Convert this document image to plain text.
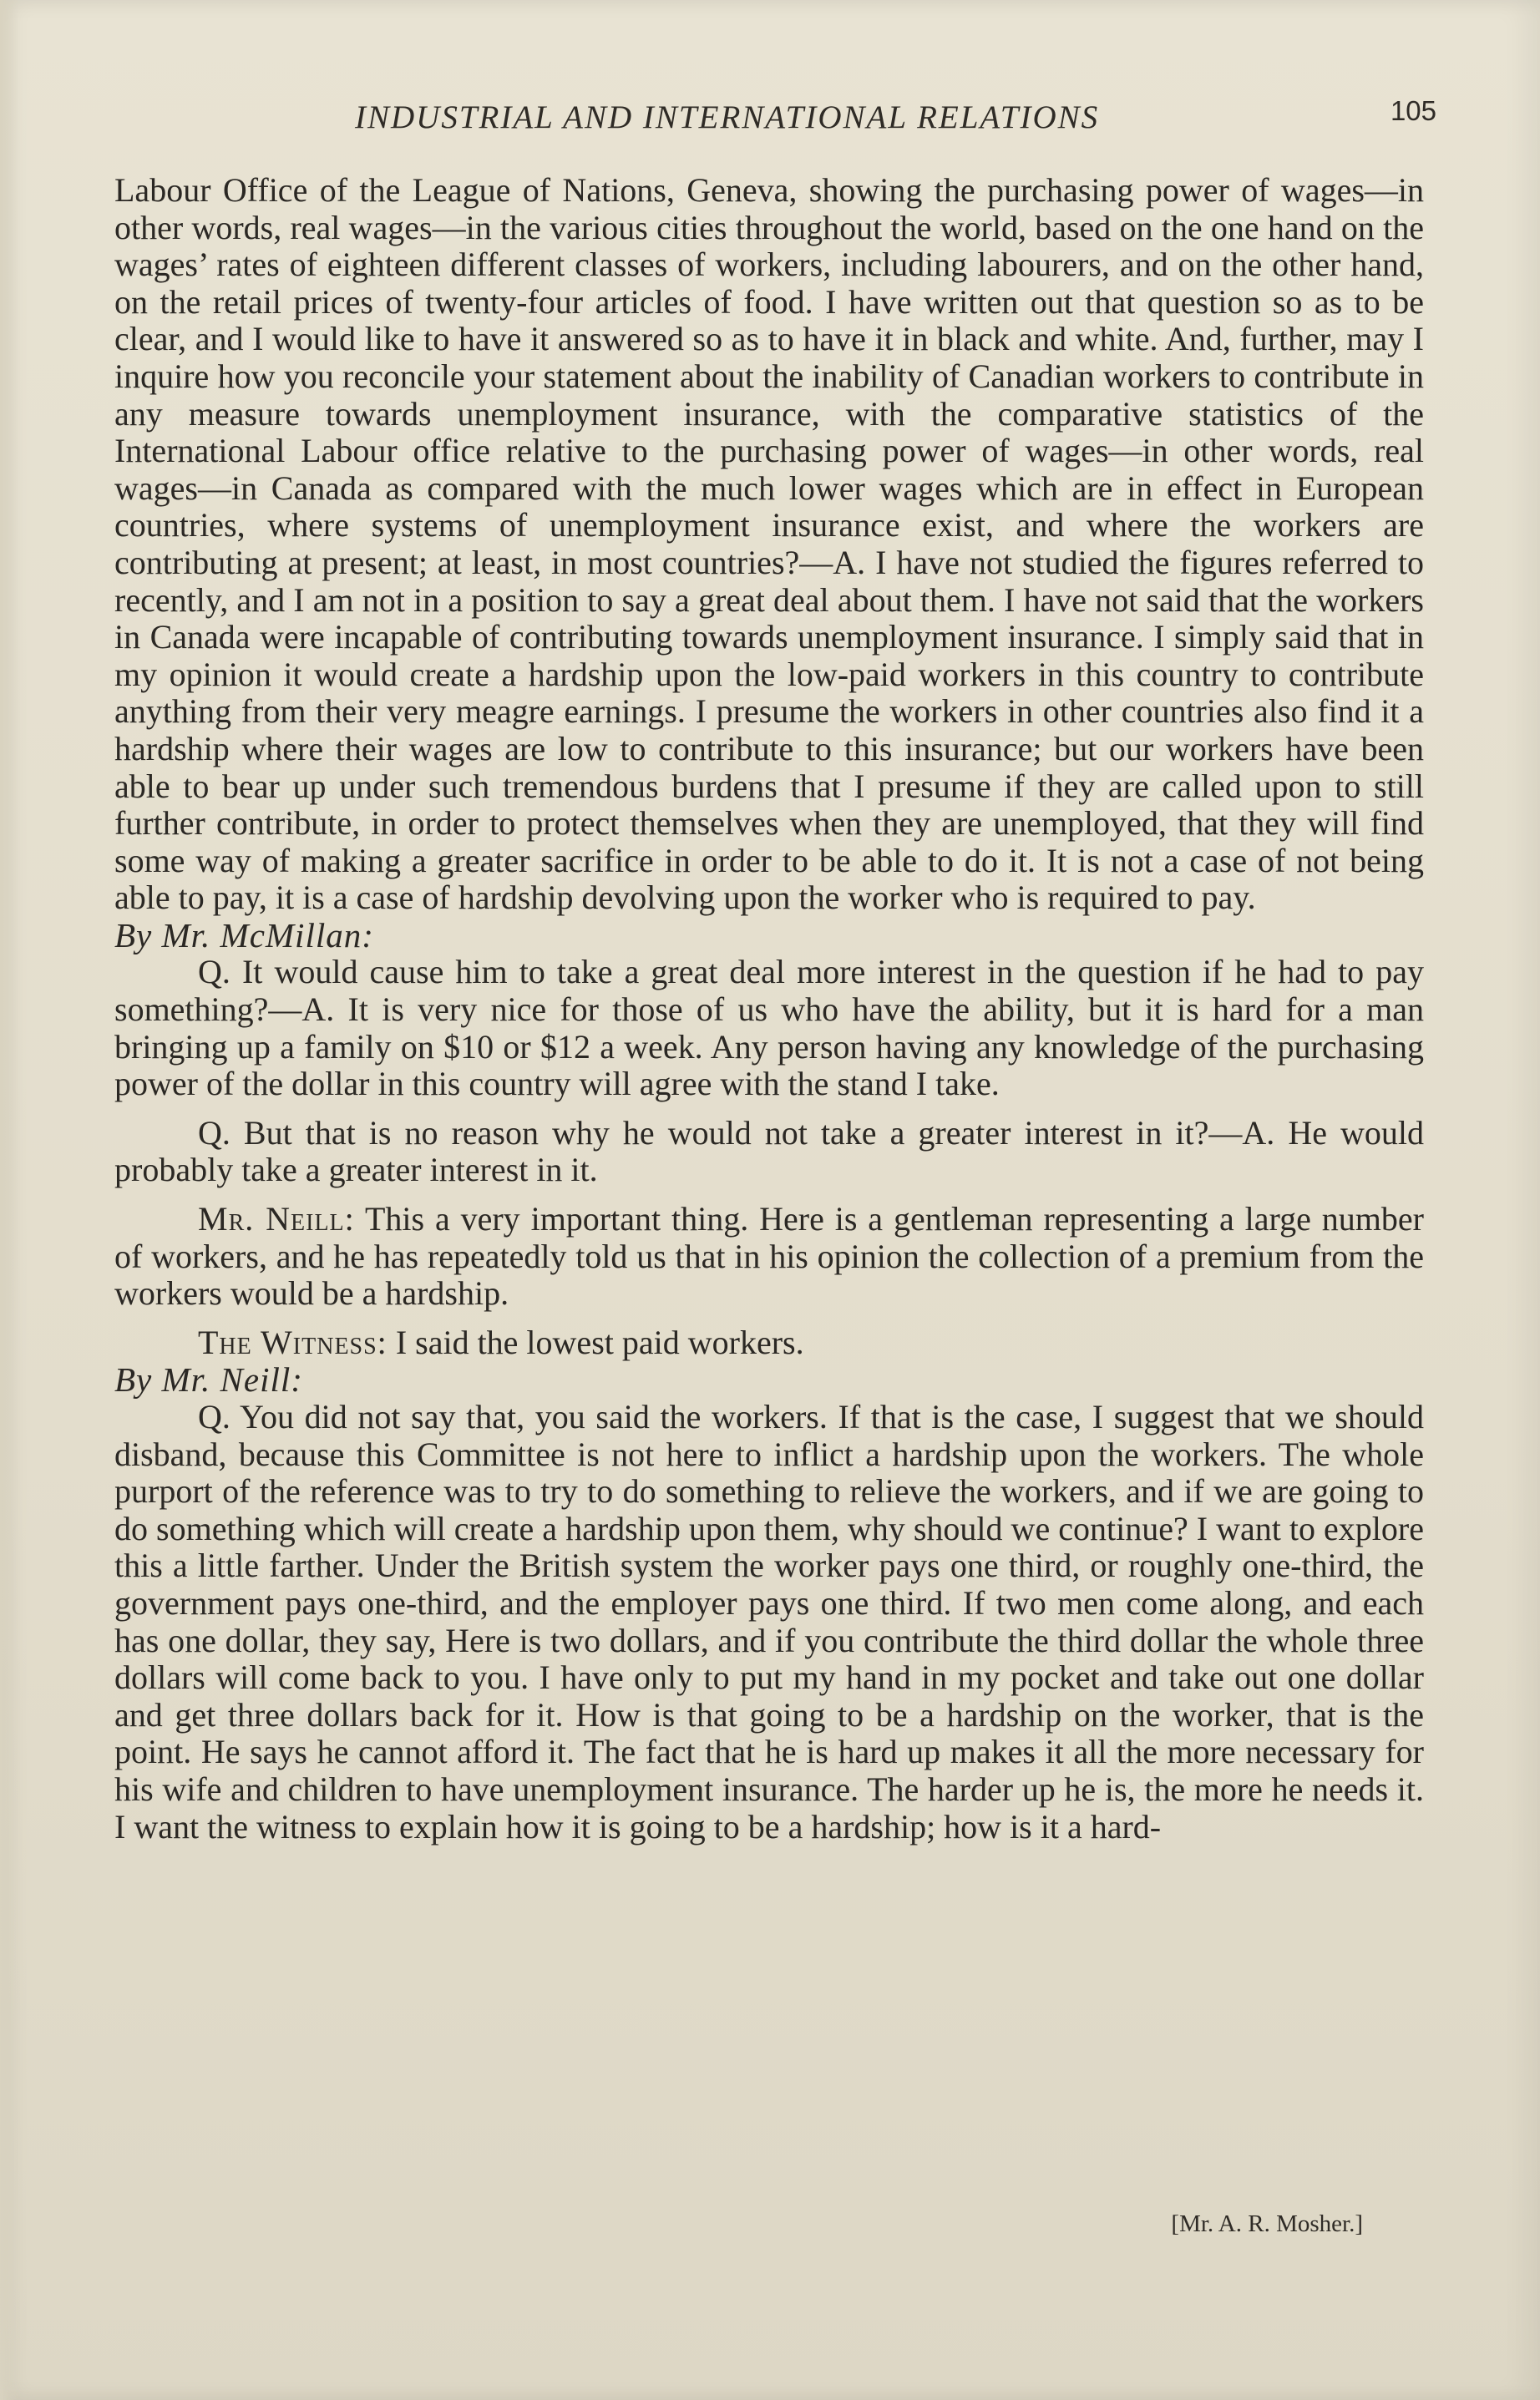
INDUSTRIAL AND INTERNATIONAL RELATIONS	105

Labour Office of the League of Nations, Geneva, showing the purchasing power of wages—in other words, real wages—in the various cities throughout the world, based on the one hand on the wages’ rates of eighteen different classes of workers, including labourers, and on the other hand, on the retail prices of twenty-four articles of food. I have written out that question so as to be clear, and I would like to have it answered so as to have it in black and white. And, further, may I inquire how you reconcile your statement about the inability of Canadian workers to contribute in any measure towards unemployment insurance, with the comparative statistics of the International Labour office relative to the purchasing power of wages—in other words, real wages—in Canada as compared with the much lower wages which are in effect in European countries, where systems of unemployment insurance exist, and where the workers are contributing at present; at least, in most countries?—A. I have not studied the figures referred to recently, and I am not in a position to say a great deal about them. I have not said that the workers in Canada were incapable of contributing towards unemployment insurance. I simply said that in my opinion it would create a hardship upon the low-paid workers in this country to contribute anything from their very meagre earnings. I presume the workers in other countries also find it a hardship where their wages are low to contribute to this insurance; but our workers have been able to bear up under such tremendous burdens that I presume if they are called upon to still further contribute, in order to protect themselves when they are unemployed, that they will find some way of making a greater sacrifice in order to be able to do it. It is not a case of not being able to pay, it is a case of hardship devolving upon the worker who is required to pay.

By Mr. McMillan:

Q. It would cause him to take a great deal more interest in the question if he had to pay something?—A. It is very nice for those of us who have the ability, but it is hard for a man bringing up a family on $10 or $12 a week. Any person having any knowledge of the purchasing power of the dollar in this country will agree with the stand I take.

Q. But that is no reason why he would not take a greater interest in it?—A. He would probably take a greater interest in it.

Mr. Neill: This a very important thing. Here is a gentleman representing a large number of workers, and he has repeatedly told us that in his opinion the collection of a premium from the workers would be a hardship.

The Witness: I said the lowest paid workers.

By Mr. Neill:

Q. You did not say that, you said the workers. If that is the case, I suggest that we should disband, because this Committee is not here to inflict a hardship upon the workers. The whole purport of the reference was to try to do something to relieve the workers, and if we are going to do something which will create a hardship upon them, why should we continue? I want to explore this a little farther. Under the British system the worker pays one third, or roughly one-third, the government pays one-third, and the employer pays one third. If two men come along, and each has one dollar, they say, Here is two dollars, and if you contribute the third dollar the whole three dollars will come back to you. I have only to put my hand in my pocket and take out one dollar and get three dollars back for it. How is that going to be a hardship on the worker, that is the point. He says he cannot afford it. The fact that he is hard up makes it all the more necessary for his wife and children to have unemployment insurance. The harder up he is, the more he needs it. I want the witness to explain how it is going to be a hardship; how is it a hard-

[Mr. A. R. Mosher.]
